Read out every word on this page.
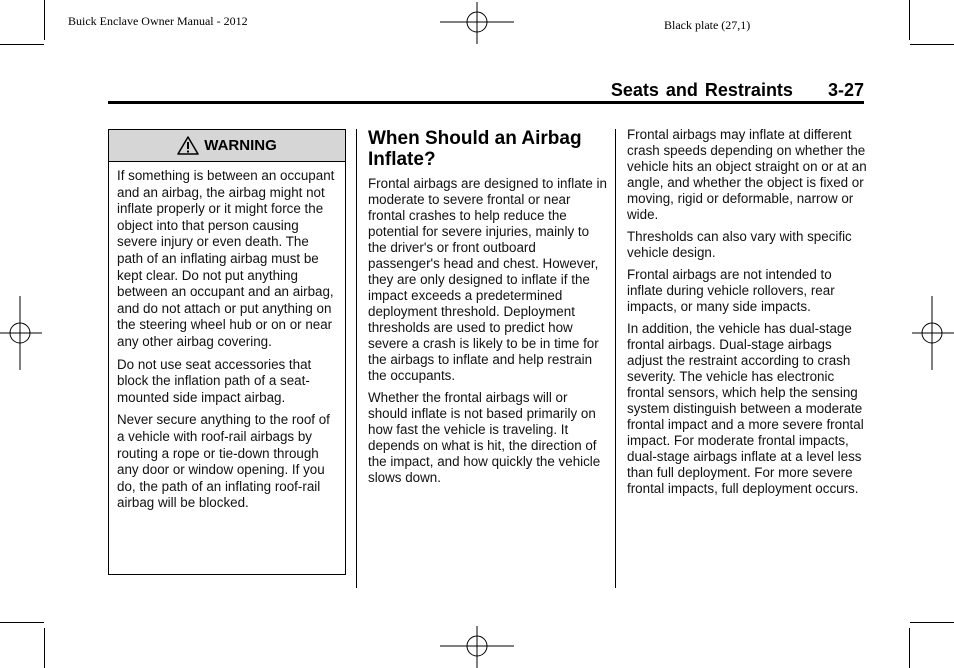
Buick Enclave Owner Manual - 2012	Black plate (27,1)
Seats and Restraints 3-27
WARNING

If something is between an occupant and an airbag, the airbag might not inflate properly or it might force the object into that person causing severe injury or even death. The path of an inflating airbag must be kept clear. Do not put anything between an occupant and an airbag, and do not attach or put anything on the steering wheel hub or on or near any other airbag covering.

Do not use seat accessories that block the inflation path of a seat-mounted side impact airbag.

Never secure anything to the roof of a vehicle with roof-rail airbags by routing a rope or tie-down through any door or window opening. If you do, the path of an inflating roof-rail airbag will be blocked.

When Should an Airbag Inflate?

Frontal airbags are designed to inflate in moderate to severe frontal or near frontal crashes to help reduce the potential for severe injuries, mainly to the driver's or front outboard passenger's head and chest. However, they are only designed to inflate if the impact exceeds a predetermined deployment threshold. Deployment thresholds are used to predict how severe a crash is likely to be in time for the airbags to inflate and help restrain the occupants.

Whether the frontal airbags will or should inflate is not based primarily on how fast the vehicle is traveling. It depends on what is hit, the direction of the impact, and how quickly the vehicle slows down.

Frontal airbags may inflate at different crash speeds depending on whether the vehicle hits an object straight on or at an angle, and whether the object is fixed or moving, rigid or deformable, narrow or wide.

Thresholds can also vary with specific vehicle design.

Frontal airbags are not intended to inflate during vehicle rollovers, rear impacts, or many side impacts.

In addition, the vehicle has dual-stage frontal airbags. Dual-stage airbags adjust the restraint according to crash severity. The vehicle has electronic frontal sensors, which help the sensing system distinguish between a moderate frontal impact and a more severe frontal impact. For moderate frontal impacts, dual-stage airbags inflate at a level less than full deployment. For more severe frontal impacts, full deployment occurs.
